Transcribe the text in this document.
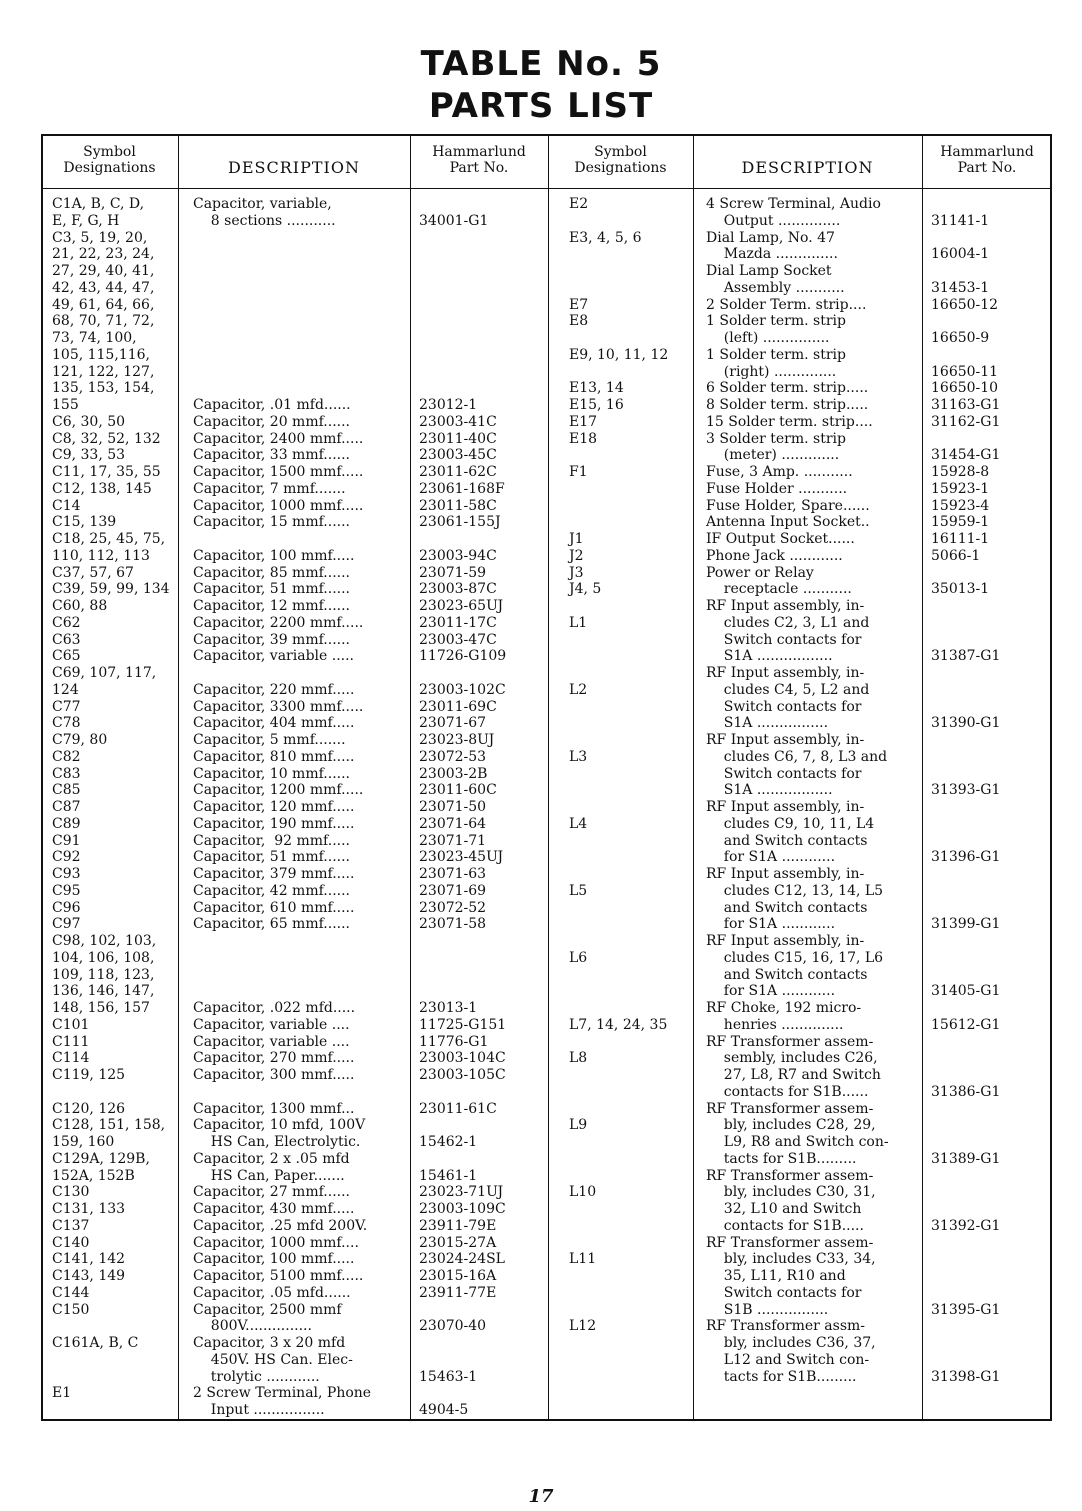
TABLE No. 5
PARTS LIST
Symbol
Designations	DESCRIPTION
Hammarlund
Part No.
Symbol
Designations	DESCRIPTION
Hammarlund
Part No.
C1A, B, C, D,
E, F, G, H
C3, 5, 19, 20,
21, 22, 23, 24,
27, 29, 40, 41,
42, 43, 44, 47,
49, 61, 64, 66,
68, 70, 71, 72,
73, 74, 100,
105, 115,116,
121, 122, 127,
135, 153, 154,
155
C6, 30, 50
C8, 32, 52, 132
C9, 33, 53
C11, 17, 35, 55
C12, 138, 145
C14
C15, 139
C18, 25, 45, 75,
110, 112, 113
C37, 57, 67
C39, 59, 99, 134
C60, 88
C62
C63
C65
C69, 107, 117,
124
C77
C78
C79, 80
C82
C83
C85
C87
C89
C91
C92
C93
C95
C96
C97
C98, 102, 103,
104, 106, 108,
109, 118, 123,
136, 146, 147,
148, 156, 157
C101
C111
C114
C119, 125
C120, 126
C128, 151, 158,
159, 160
C129A, 129B,
152A, 152B
C130
C131, 133
C137
C140
C141, 142
C143, 149
C144
C150
C161A, B, C
E1
Capacitor, variable,
8 sections ...........
Capacitor, .01 mfd......
Capacitor, 20 mmf......
Capacitor, 2400 mmf.....
Capacitor, 33 mmf......
Capacitor, 1500 mmf.....
Capacitor, 7 mmf.......
Capacitor, 1000 mmf.....
Capacitor, 15 mmf......
Capacitor, 100 mmf.....
Capacitor, 85 mmf......
Capacitor, 51 mmf......
Capacitor, 12 mmf......
Capacitor, 2200 mmf.....
Capacitor, 39 mmf......
Capacitor, variable .....
Capacitor, 220 mmf.....
Capacitor, 3300 mmf.....
Capacitor, 404 mmf.....
Capacitor, 5 mmf.......
Capacitor, 810 mmf.....
Capacitor, 10 mmf......
Capacitor, 1200 mmf.....
Capacitor, 120 mmf.....
Capacitor, 190 mmf.....
Capacitor,  92 mmf.....
Capacitor, 51 mmf......
Capacitor, 379 mmf.....
Capacitor, 42 mmf......
Capacitor, 610 mmf.....
Capacitor, 65 mmf......
Capacitor, .022 mfd.....
Capacitor, variable ....
Capacitor, variable ....
Capacitor, 270 mmf.....
Capacitor, 300 mmf.....
Capacitor, 1300 mmf...
Capacitor, 10 mfd, 100V
HS Can, Electrolytic.
Capacitor, 2 x .05 mfd
HS Can, Paper.......
Capacitor, 27 mmf......
Capacitor, 430 mmf.....
Capacitor, .25 mfd 200V.
Capacitor, 1000 mmf....
Capacitor, 100 mmf.....
Capacitor, 5100 mmf.....
Capacitor, .05 mfd......
Capacitor, 2500 mmf
800V...............
Capacitor, 3 x 20 mfd
450V. HS Can. Elec-
trolytic ............
2 Screw Terminal, Phone
Input ................
34001-G1
23012-1
23003-41C
23011-40C
23003-45C
23011-62C
23061-168F
23011-58C
23061-155J
23003-94C
23071-59
23003-87C
23023-65UJ
23011-17C
23003-47C
11726-G109
23003-102C
23011-69C
23071-67
23023-8UJ
23072-53
23003-2B
23011-60C
23071-50
23071-64
23071-71
23023-45UJ
23071-63
23071-69
23072-52
23071-58
23013-1
11725-G151
11776-G1
23003-104C
23003-105C
23011-61C
15462-1
15461-1
23023-71UJ
23003-109C
23911-79E
23015-27A
23024-24SL
23015-16A
23911-77E
23070-40
15463-1
4904-5
E2
E3, 4, 5, 6
E7
E8
E9, 10, 11, 12
E13, 14
E15, 16
E17
E18
F1
J1
J2
J3
J4, 5
L1
L2
L3
L4
L5
L6
L7, 14, 24, 35
L8
L9
L10
L11
L12
4 Screw Terminal, Audio
Output ..............
Dial Lamp, No. 47
Mazda ..............
Dial Lamp Socket
Assembly ...........
2 Solder Term. strip....
1 Solder term. strip
(left) ...............
1 Solder term. strip
(right) ..............
6 Solder term. strip.....
8 Solder term. strip.....
15 Solder term. strip....
3 Solder term. strip
(meter) .............
Fuse, 3 Amp. ...........
Fuse Holder ...........
Fuse Holder, Spare......
Antenna Input Socket..
IF Output Socket......
Phone Jack ............
Power or Relay
receptacle ...........
RF Input assembly, in-
cludes C2, 3, L1 and
Switch contacts for
S1A .................
RF Input assembly, in-
cludes C4, 5, L2 and
Switch contacts for
S1A ................
RF Input assembly, in-
cludes C6, 7, 8, L3 and
Switch contacts for
S1A .................
RF Input assembly, in-
cludes C9, 10, 11, L4
and Switch contacts
for S1A ............
RF Input assembly, in-
cludes C12, 13, 14, L5
and Switch contacts
for S1A ............
RF Input assembly, in-
cludes C15, 16, 17, L6
and Switch contacts
for S1A ............
RF Choke, 192 micro-
henries ..............
RF Transformer assem-
sembly, includes C26,
27, L8, R7 and Switch
contacts for S1B......
RF Transformer assem-
bly, includes C28, 29,
L9, R8 and Switch con-
tacts for S1B.........
RF Transformer assem-
bly, includes C30, 31,
32, L10 and Switch
contacts for S1B.....
RF Transformer assem-
bly, includes C33, 34,
35, L11, R10 and
Switch contacts for
S1B ................
RF Transformer assm-
bly, includes C36, 37,
L12 and Switch con-
tacts for S1B.........
31141-1
16004-1
31453-1
16650-12
16650-9
16650-11
16650-10
31163-G1
31162-G1
31454-G1
15928-8
15923-1
15923-4
15959-1
16111-1
5066-1
35013-1
31387-G1
31390-G1
31393-G1
31396-G1
31399-G1
31405-G1
15612-G1
31386-G1
31389-G1
31392-G1
31395-G1
31398-G1
17
